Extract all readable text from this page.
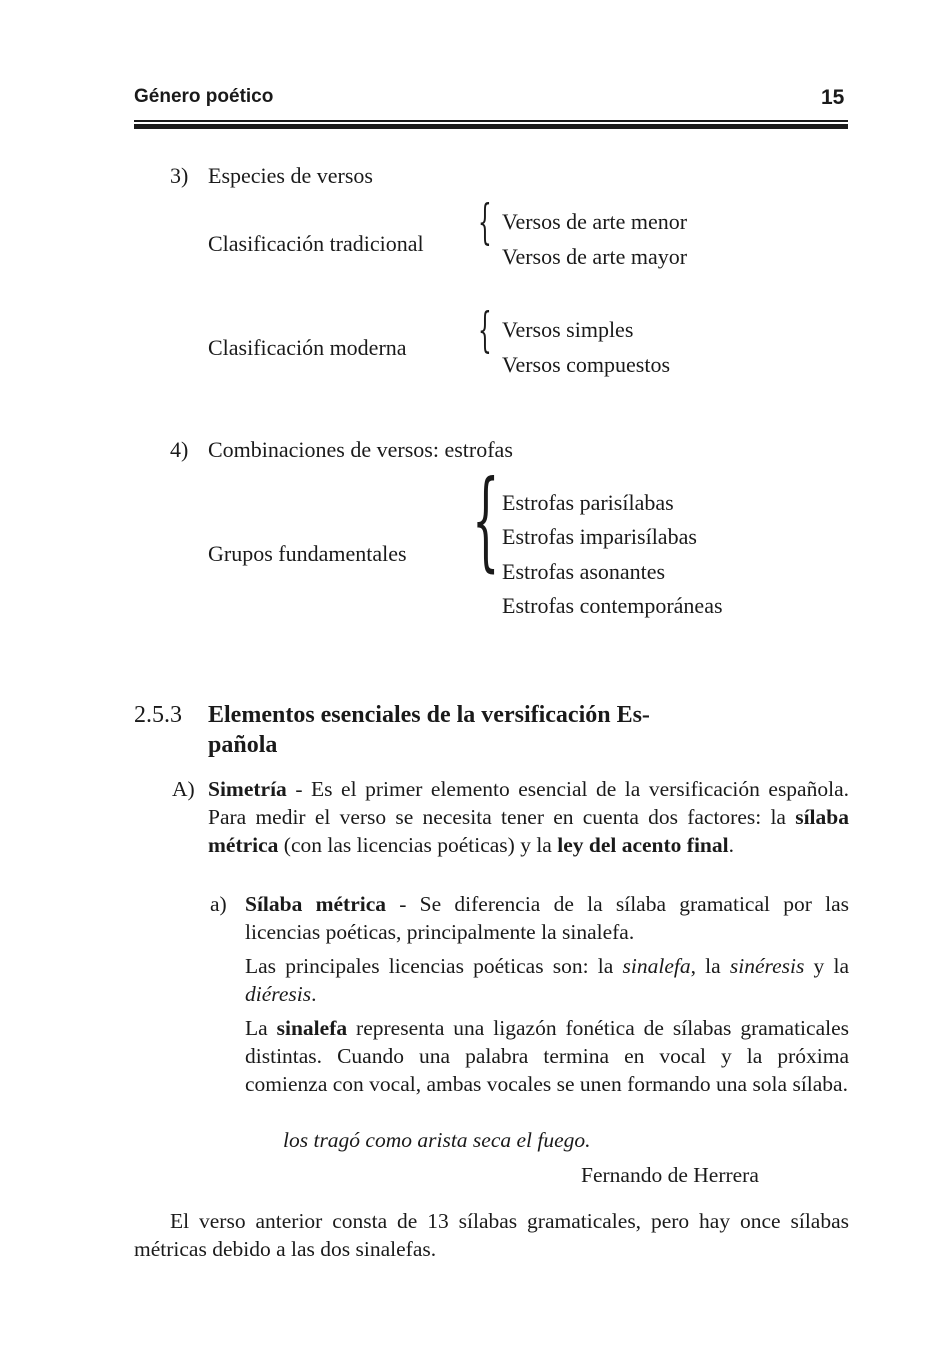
Género poético	15
3) Especies de versos
Clasificación tradicional { Versos de arte menor
Versos de arte mayor
Clasificación moderna { Versos simples
Versos compuestos
4) Combinaciones de versos: estrofas
Grupos fundamentales { Estrofas parisílabas
Estrofas imparisílabas
Estrofas asonantes
Estrofas contemporáneas
2.5.3 Elementos esenciales de la versificación Es-
pañola
A) Simetría - Es el primer elemento esencial de la versificación española. Para medir el verso se necesita tener en cuenta dos factores: la sílaba métrica (con las licencias poéticas) y la ley del acento final.
a) Sílaba métrica - Se diferencia de la sílaba gramatical por las licencias poéticas, principalmente la sinalefa.
Las principales licencias poéticas son: la sinalefa, la sinéresis y la diéresis.
La sinalefa representa una ligazón fonética de sílabas gramaticales distintas. Cuando una palabra termina en vocal y la próxima comienza con vocal, ambas vocales se unen formando una sola sílaba.
los tragó como arista seca el fuego.
Fernando de Herrera
El verso anterior consta de 13 sílabas gramaticales, pero hay once sílabas métricas debido a las dos sinalefas.
